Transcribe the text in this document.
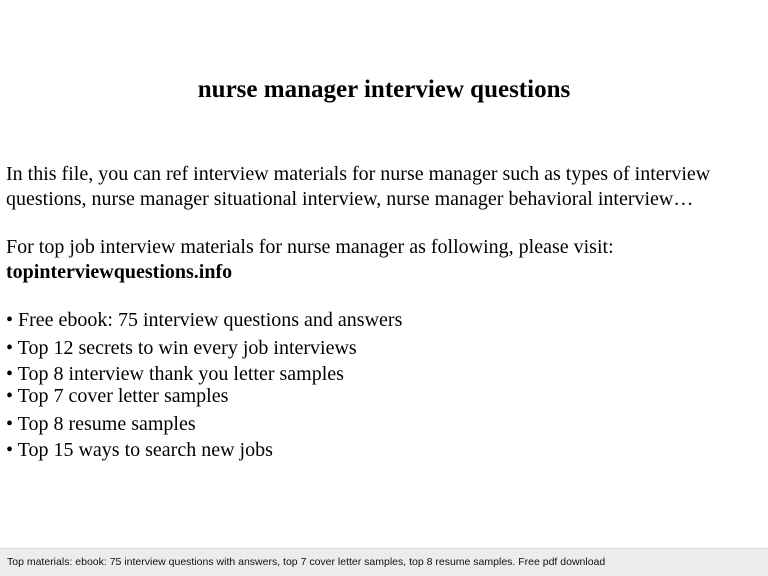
nurse manager interview questions
In this file, you can ref interview materials for nurse manager such as types of interview
questions, nurse manager situational interview, nurse manager behavioral interview…
For top job interview materials for nurse manager as following, please visit:
topinterviewquestions.info
• Free ebook: 75 interview questions and answers
• Top 12 secrets to win every job interviews
• Top 8 interview thank you letter samples
• Top 7 cover letter samples
• Top 8 resume samples
• Top 15 ways to search new jobs
Top materials: ebook: 75 interview questions with answers, top 7 cover letter samples, top 8 resume samples. Free pdf download
